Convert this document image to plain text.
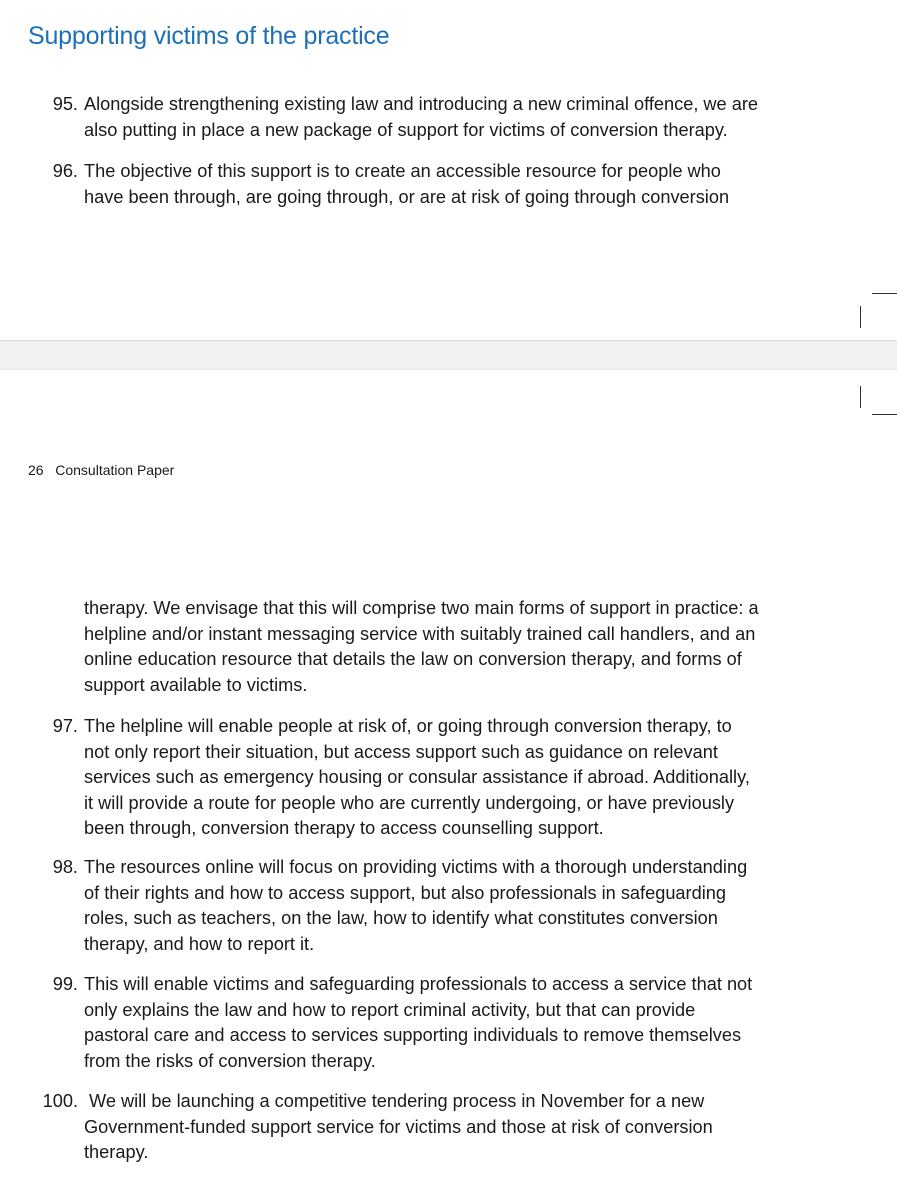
Supporting victims of the practice
95. Alongside strengthening existing law and introducing a new criminal offence, we are
also putting in place a new package of support for victims of conversion therapy.
96. The objective of this support is to create an accessible resource for people who
have been through, are going through, or are at risk of going through conversion
26 Consultation Paper
therapy. We envisage that this will comprise two main forms of support in practice: a
helpline and/or instant messaging service with suitably trained call handlers, and an
online education resource that details the law on conversion therapy, and forms of
support available to victims.
97. The helpline will enable people at risk of, or going through conversion therapy, to
not only report their situation, but access support such as guidance on relevant
services such as emergency housing or consular assistance if abroad. Additionally,
it will provide a route for people who are currently undergoing, or have previously
been through, conversion therapy to access counselling support.
98. The resources online will focus on providing victims with a thorough understanding
of their rights and how to access support, but also professionals in safeguarding
roles, such as teachers, on the law, how to identify what constitutes conversion
therapy, and how to report it.
99. This will enable victims and safeguarding professionals to access a service that not
only explains the law and how to report criminal activity, but that can provide
pastoral care and access to services supporting individuals to remove themselves
from the risks of conversion therapy.
100. We will be launching a competitive tendering process in November for a new
Government-funded support service for victims and those at risk of conversion
therapy.
